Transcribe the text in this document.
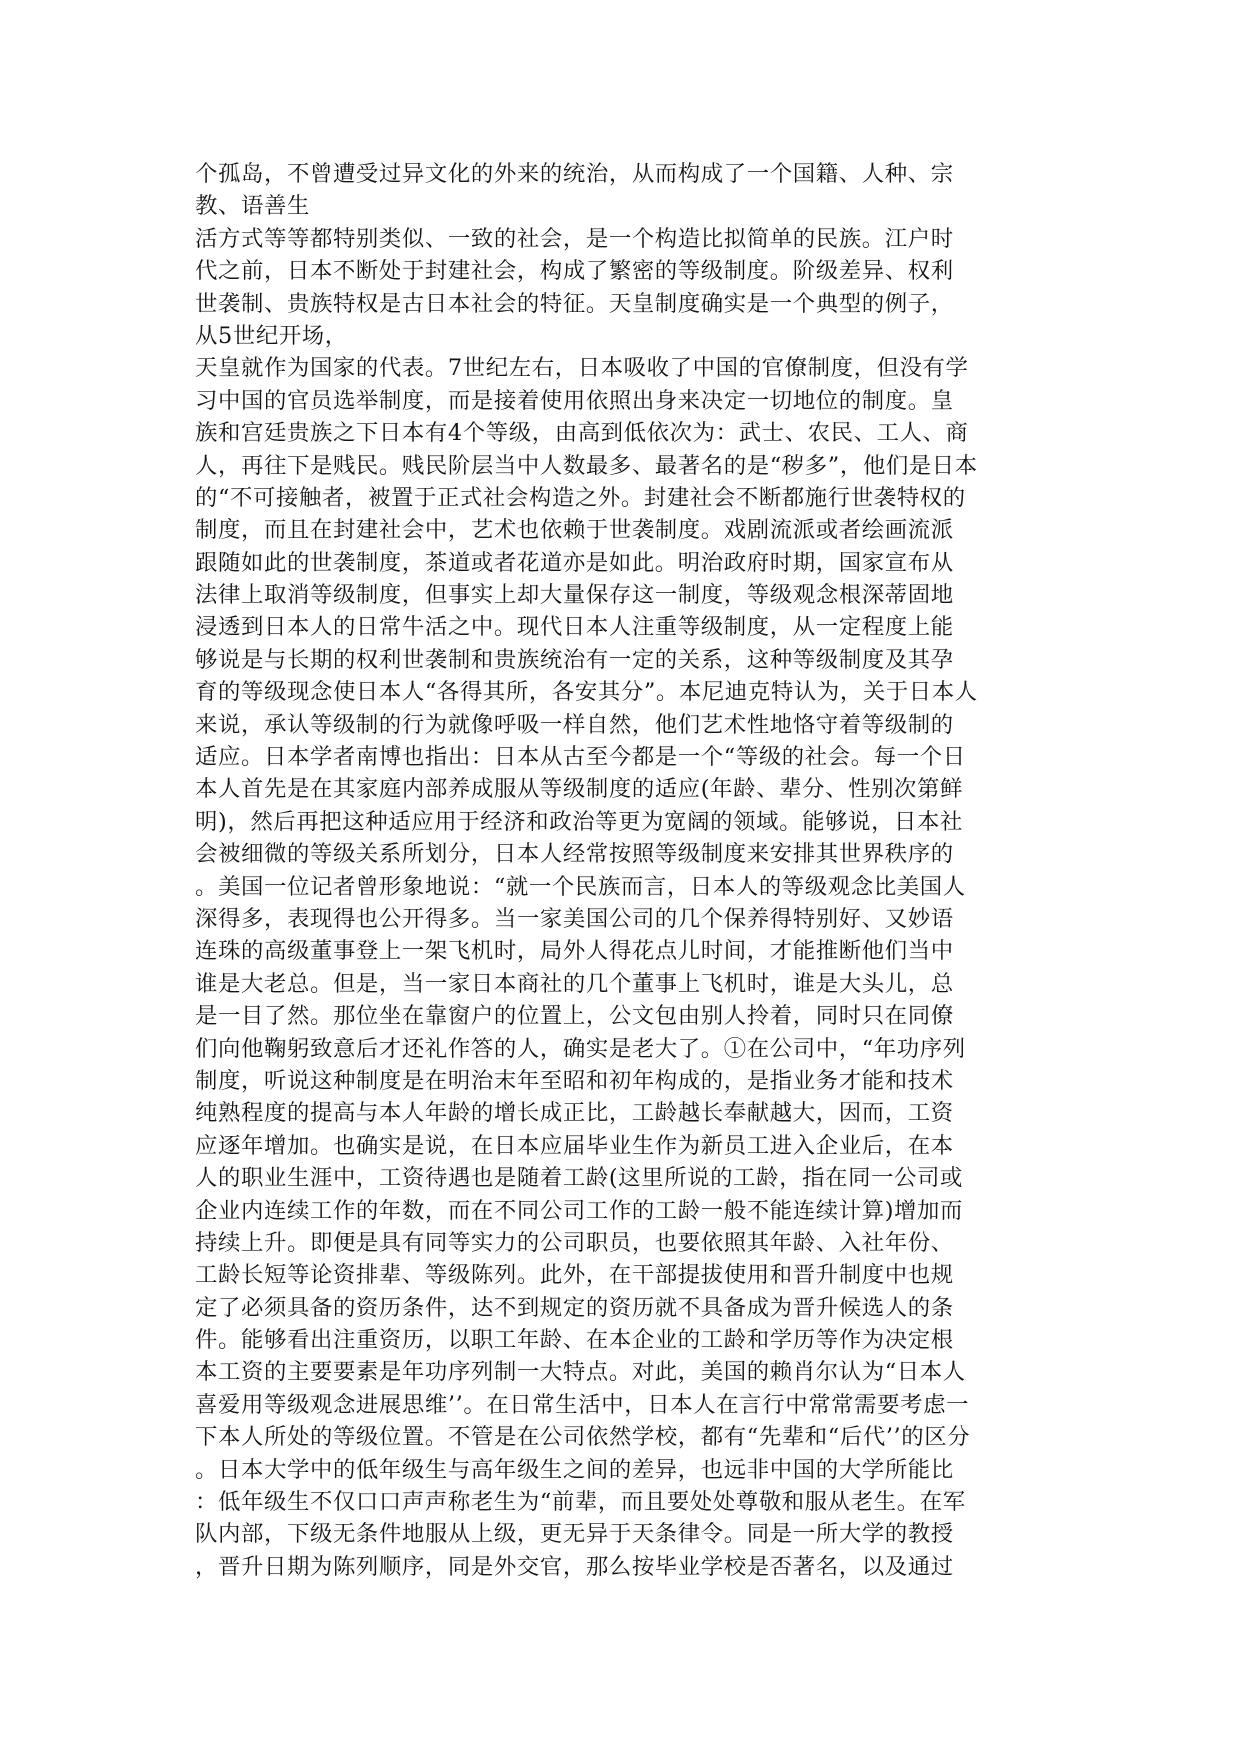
个孤岛，不曾遭受过异文化的外来的统治，从而构成了一个国籍、人种、宗
教、语善生
活方式等等都特别类似、一致的社会，是一个构造比拟简单的民族。江户时
代之前，日本不断处于封建社会，构成了繁密的等级制度。阶级差异、权利
世袭制、贵族特权是古日本社会的特征。天皇制度确实是一个典型的例子，
从5世纪开场，
天皇就作为国家的代表。7世纪左右，日本吸收了中国的官僚制度，但没有学
习中国的官员选举制度，而是接着使用依照出身来决定一切地位的制度。皇
族和宫廷贵族之下日本有4个等级，由高到低依次为：武士、农民、工人、商
人，再往下是贱民。贱民阶层当中人数最多、最著名的是“秽多”，他们是日本
的“不可接触者，被置于正式社会构造之外。封建社会不断都施行世袭特权的
制度，而且在封建社会中，艺术也依赖于世袭制度。戏剧流派或者绘画流派
跟随如此的世袭制度，茶道或者花道亦是如此。明治政府时期，国家宣布从
法律上取消等级制度，但事实上却大量保存这一制度，等级观念根深蒂固地
浸透到日本人的日常牛活之中。现代日本人注重等级制度，从一定程度上能
够说是与长期的权利世袭制和贵族统治有一定的关系，这种等级制度及其孕
育的等级现念使日本人“各得其所，各安其分”。本尼迪克特认为，关于日本人
来说，承认等级制的行为就像呼吸一样自然，他们艺术性地恪守着等级制的
适应。日本学者南博也指出：日本从古至今都是一个“等级的社会。每一个日
本人首先是在其家庭内部养成服从等级制度的适应(年龄、辈分、性别次第鲜
明)，然后再把这种适应用于经济和政治等更为宽阔的领域。能够说，日本社
会被细微的等级关系所划分，日本人经常按照等级制度来安排其世界秩序的
。美国一位记者曾形象地说：“就一个民族而言，日本人的等级观念比美国人
深得多，表现得也公开得多。当一家美国公司的几个保养得特别好、又妙语
连珠的高级董事登上一架飞机时，局外人得花点儿时间，才能推断他们当中
谁是大老总。但是，当一家日本商社的几个董事上飞机时，谁是大头儿，总
是一目了然。那位坐在靠窗户的位置上，公文包由别人拎着，同时只在同僚
们向他鞠躬致意后才还礼作答的人，确实是老大了。①在公司中，“年功序列
制度，听说这种制度是在明治末年至昭和初年构成的，是指业务才能和技术
纯熟程度的提高与本人年龄的增长成正比，工龄越长奉献越大，因而，工资
应逐年增加。也确实是说，在日本应届毕业生作为新员工进入企业后，在本
人的职业生涯中，工资待遇也是随着工龄(这里所说的工龄，指在同一公司或
企业内连续工作的年数，而在不同公司工作的工龄一般不能连续计算)增加而
持续上升。即便是具有同等实力的公司职员，也要依照其年龄、入社年份、
工龄长短等论资排辈、等级陈列。此外，在干部提拔使用和晋升制度中也规
定了必须具备的资历条件，达不到规定的资历就不具备成为晋升候选人的条
件。能够看出注重资历，以职工年龄、在本企业的工龄和学历等作为决定根
本工资的主要要素是年功序列制一大特点。对此，美国的赖肖尔认为“日本人
喜爱用等级观念进展思维’’。在日常生活中，日本人在言行中常常需要考虑一
下本人所处的等级位置。不管是在公司依然学校，都有“先辈和“后代’’的区分
。日本大学中的低年级生与高年级生之间的差异，也远非中国的大学所能比
：低年级生不仅口口声声称老生为“前辈，而且要处处尊敬和服从老生。在军
队内部，下级无条件地服从上级，更无异于天条律令。同是一所大学的教授
，晋升日期为陈列顺序，同是外交官，那么按毕业学校是否著名，以及通过
